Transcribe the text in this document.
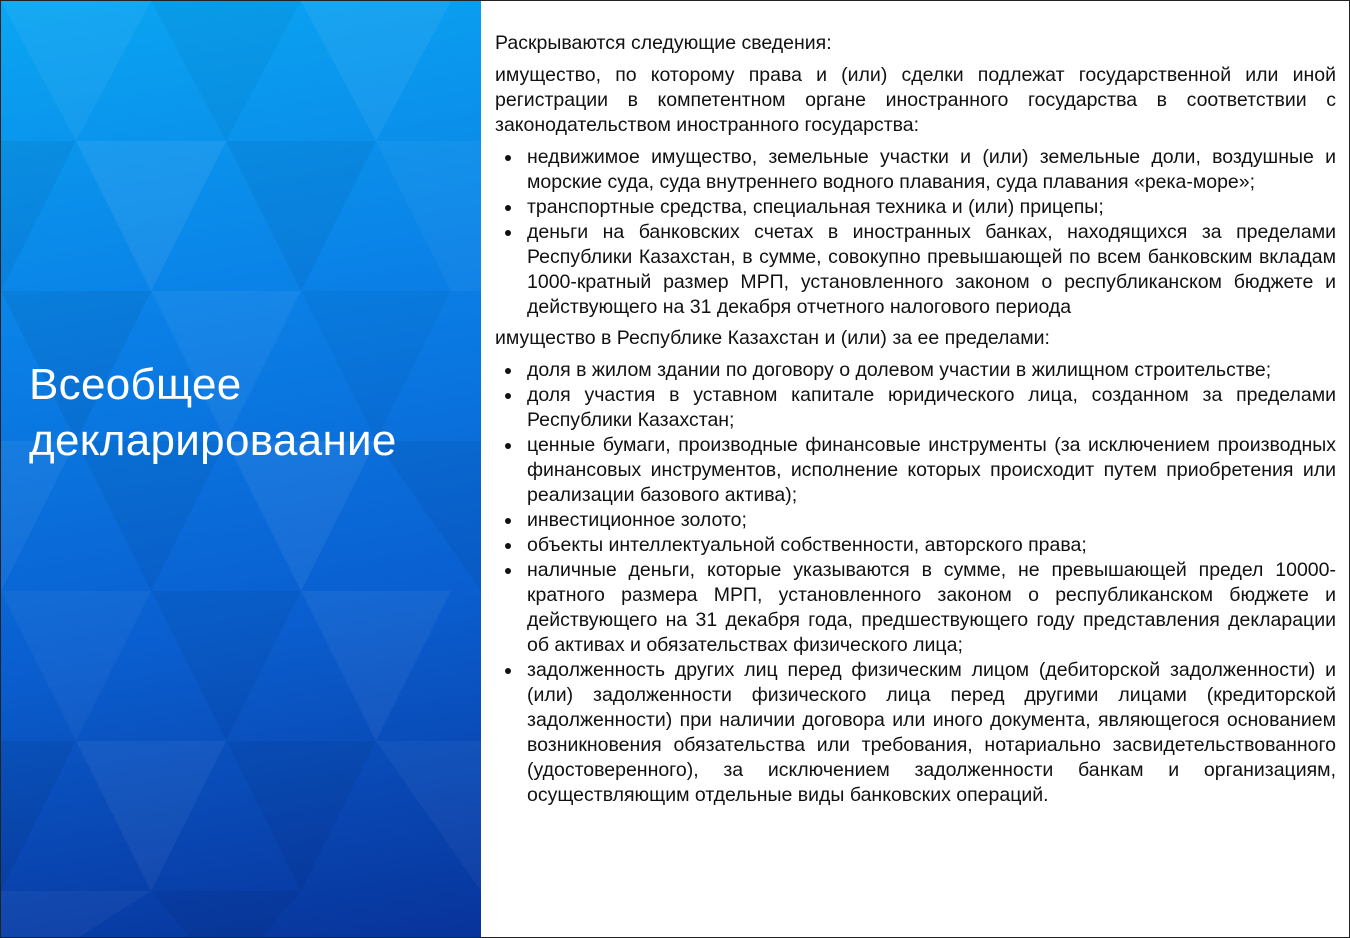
Всеобщее
декларироваание

Раскрываются следующие сведения:

имущество, по которому права и (или) сделки подлежат государственной или иной регистрации в компетентном органе иностранного государства в соответствии с законодательством иностранного государства:

недвижимое имущество, земельные участки и (или) земельные доли, воздушные и морские суда, суда внутреннего водного плавания, суда плавания «река-море»;
транспортные средства, специальная техника и (или) прицепы;
деньги на банковских счетах в иностранных банках, находящихся за пределами Республики Казахстан, в сумме, совокупно превышающей по всем банковским вкладам 1000-кратный размер МРП, установленного законом о республиканском бюджете и действующего на 31 декабря отчетного налогового периода

имущество в Республике Казахстан и (или) за ее пределами:

доля в жилом здании по договору о долевом участии в жилищном строительстве;
доля участия в уставном капитале юридического лица, созданном за пределами Республики Казахстан;
ценные бумаги, производные финансовые инструменты (за исключением производных финансовых инструментов, исполнение которых происходит путем приобретения или реализации базового актива);
инвестиционное золото;
объекты интеллектуальной собственности, авторского права;
наличные деньги, которые указываются в сумме, не превышающей предел 10000-кратного размера МРП, установленного законом о республиканском бюджете и действующего на 31 декабря года, предшествующего году представления декларации об активах и обязательствах физического лица;
задолженность других лиц перед физическим лицом (дебиторской задолженности) и (или) задолженности физического лица перед другими лицами (кредиторской задолженности) при наличии договора или иного документа, являющегося основанием возникновения обязательства или требования, нотариально засвидетельствованного (удостоверенного), за исключением задолженности банкам и организациям, осуществляющим отдельные виды банковских операций.
